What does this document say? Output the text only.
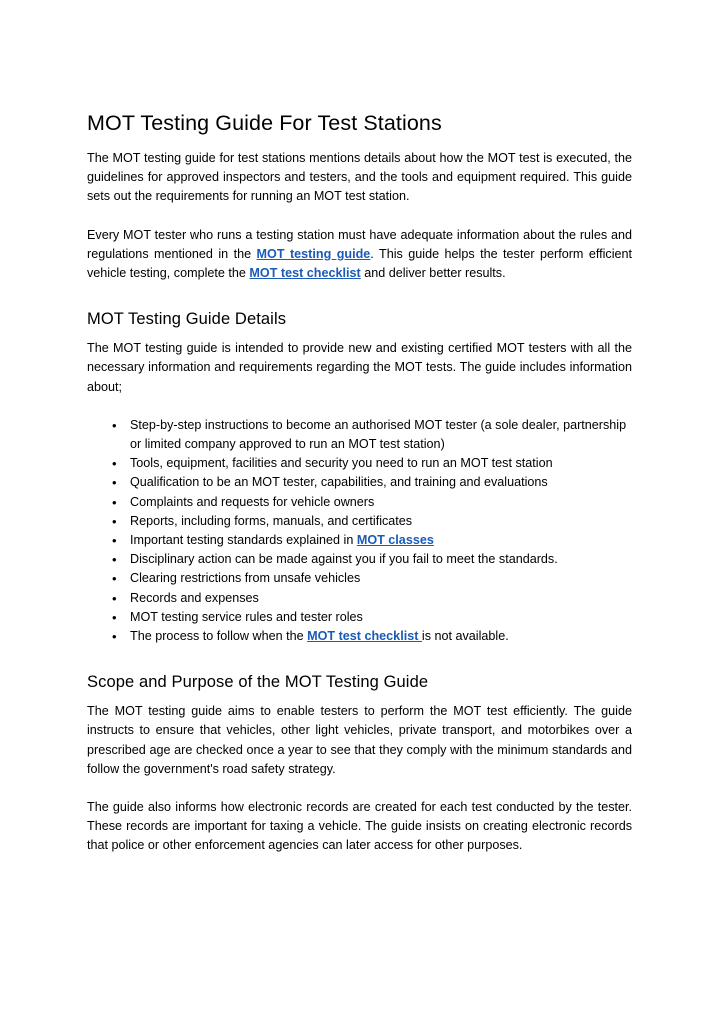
MOT Testing Guide For Test Stations

The MOT testing guide for test stations mentions details about how the MOT test is executed, the guidelines for approved inspectors and testers, and the tools and equipment required. This guide sets out the requirements for running an MOT test station.

Every MOT tester who runs a testing station must have adequate information about the rules and regulations mentioned in the MOT testing guide. This guide helps the tester perform efficient vehicle testing, complete the MOT test checklist and deliver better results.

MOT Testing Guide Details

The MOT testing guide is intended to provide new and existing certified MOT testers with all the necessary information and requirements regarding the MOT tests. The guide includes information about;

• Step-by-step instructions to become an authorised MOT tester (a sole dealer, partnership or limited company approved to run an MOT test station)
• Tools, equipment, facilities and security you need to run an MOT test station
• Qualification to be an MOT tester, capabilities, and training and evaluations
• Complaints and requests for vehicle owners
• Reports, including forms, manuals, and certificates
• Important testing standards explained in MOT classes
• Disciplinary action can be made against you if you fail to meet the standards.
• Clearing restrictions from unsafe vehicles
• Records and expenses
• MOT testing service rules and tester roles
• The process to follow when the MOT test checklist is not available.
Scope and Purpose of the MOT Testing Guide

The MOT testing guide aims to enable testers to perform the MOT test efficiently. The guide instructs to ensure that vehicles, other light vehicles, private transport, and motorbikes over a prescribed age are checked once a year to see that they comply with the minimum standards and follow the government's road safety strategy.

The guide also informs how electronic records are created for each test conducted by the tester. These records are important for taxing a vehicle. The guide insists on creating electronic records that police or other enforcement agencies can later access for other purposes.
